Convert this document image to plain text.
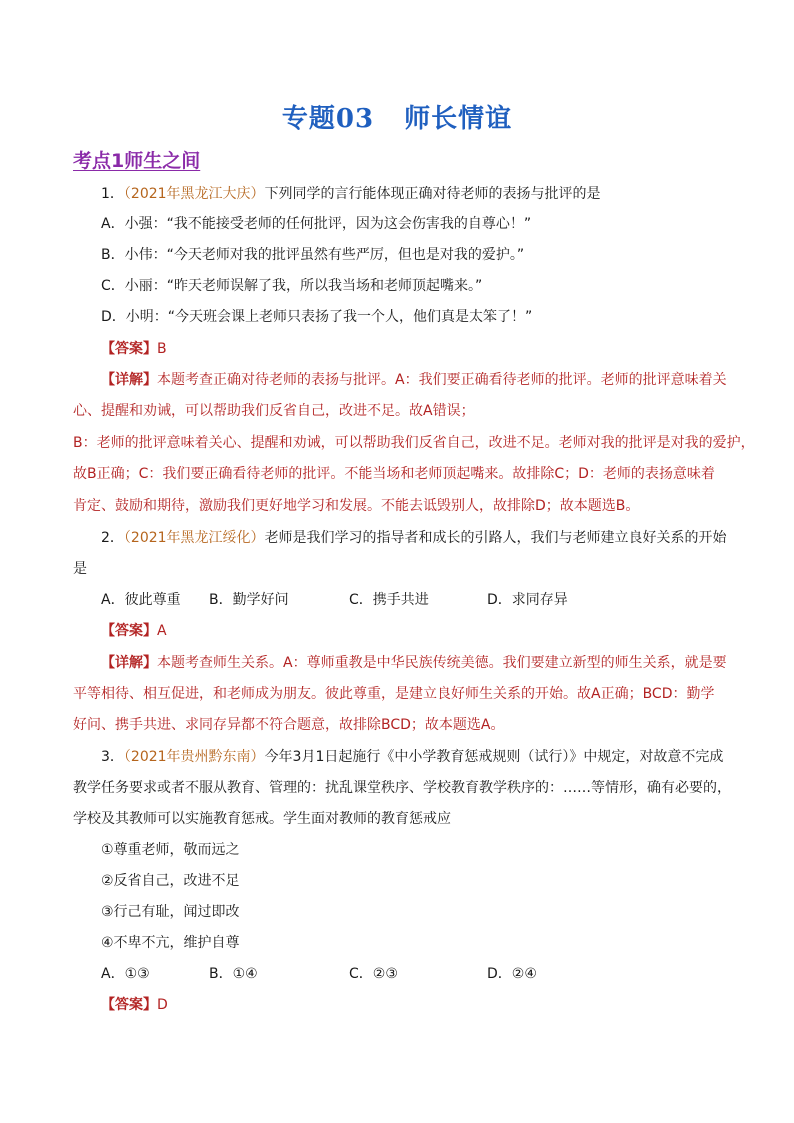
专题03 师长情谊
考点1师生之间
1．（2021年黑龙江大庆）下列同学的言行能体现正确对待老师的表扬与批评的是
A．小强：“我不能接受老师的任何批评，因为这会伤害我的自尊心！”
B．小伟：“今天老师对我的批评虽然有些严厉，但也是对我的爱护。”
C．小丽：“昨天老师误解了我，所以我当场和老师顶起嘴来。”
D．小明：“今天班会课上老师只表扬了我一个人，他们真是太笨了！”
【答案】B
【详解】本题考查正确对待老师的表扬与批评。A：我们要正确看待老师的批评。老师的批评意味着关
心、提醒和劝诫，可以帮助我们反省自己，改进不足。故A错误；
B：老师的批评意味着关心、提醒和劝诫，可以帮助我们反省自己，改进不足。老师对我的批评是对我的爱护，
故B正确；C：我们要正确看待老师的批评。不能当场和老师顶起嘴来。故排除C；D：老师的表扬意味着
肯定、鼓励和期待，激励我们更好地学习和发展。不能去诋毁别人，故排除D；故本题选B。
2．（2021年黑龙江绥化）老师是我们学习的指导者和成长的引路人，我们与老师建立良好关系的开始
是
A．彼此尊重 B．勤学好问	C．携手共进	D．求同存异
【答案】A
【详解】本题考查师生关系。A：尊师重教是中华民族传统美德。我们要建立新型的师生关系，就是要
平等相待、相互促进，和老师成为朋友。彼此尊重，是建立良好师生关系的开始。故A正确；BCD：勤学
好问、携手共进、求同存异都不符合题意，故排除BCD；故本题选A。
3．（2021年贵州黔东南）今年3月1日起施行《中小学教育惩戒规则（试行）》中规定，对故意不完成
教学任务要求或者不服从教育、管理的：扰乱课堂秩序、学校教育教学秩序的：……等情形，确有必要的，
学校及其教师可以实施教育惩戒。学生面对教师的教育惩戒应
①尊重老师，敬而远之
②反省自己，改进不足
③行己有耻，闻过即改
④不卑不亢，维护自尊
A．①③	B．①④	C．②③	D．②④
【答案】D
